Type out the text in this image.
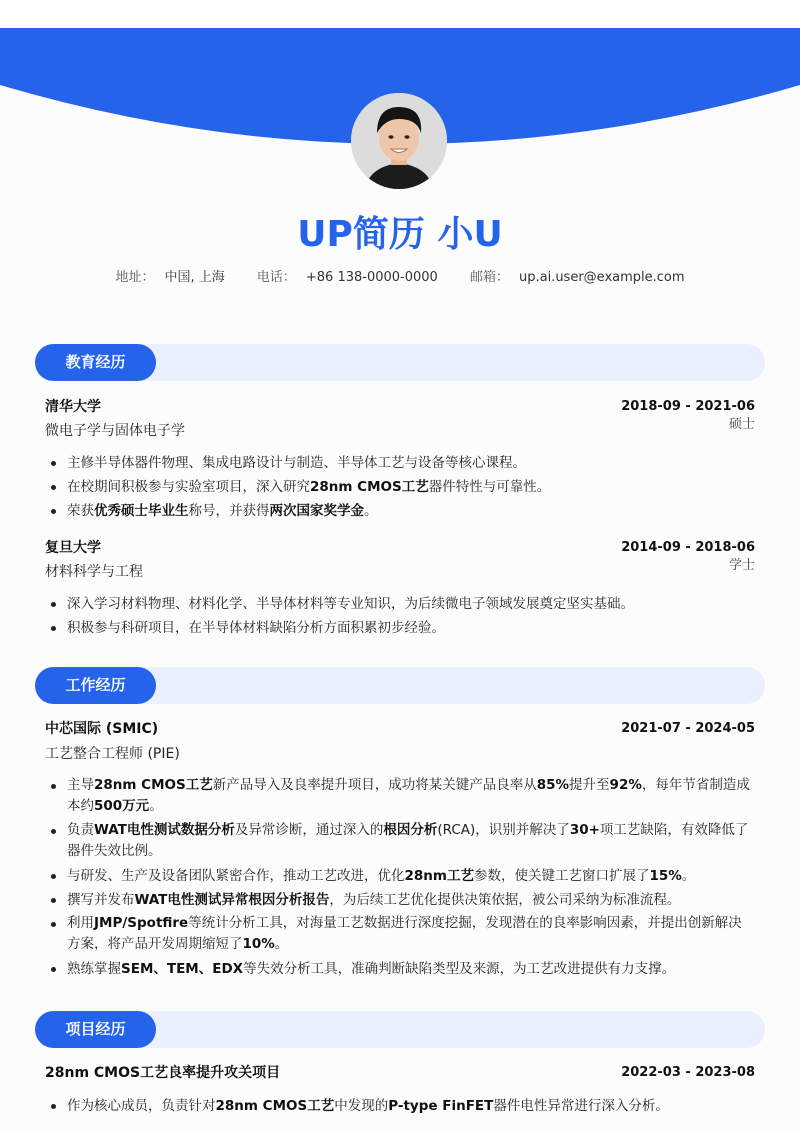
UP简历 小U
地址： 中国, 上海 电话： +86 138-0000-0000 邮箱： up.ai.user@example.com
教育经历
清华大学	2018-09 - 2021-06
微电子学与固体电子学	硕士
主修半导体器件物理、集成电路设计与制造、半导体工艺与设备等核心课程。
在校期间积极参与实验室项目，深入研究28nm CMOS工艺器件特性与可靠性。
荣获优秀硕士毕业生称号，并获得两次国家奖学金。
复旦大学	2014-09 - 2018-06
材料科学与工程	学士
深入学习材料物理、材料化学、半导体材料等专业知识，为后续微电子领域发展奠定坚实基础。
积极参与科研项目，在半导体材料缺陷分析方面积累初步经验。
工作经历
中芯国际 (SMIC)	2021-07 - 2024-05
工艺整合工程师 (PIE)
主导28nm CMOS工艺新产品导入及良率提升项目，成功将某关键产品良率从85%提升至92%，每年节省制造成本约500万元。
负责WAT电性测试数据分析及异常诊断，通过深入的根因分析(RCA)，识别并解决了30+项工艺缺陷，有效降低了器件失效比例。
与研发、生产及设备团队紧密合作，推动工艺改进，优化28nm工艺参数，使关键工艺窗口扩展了15%。
撰写并发布WAT电性测试异常根因分析报告，为后续工艺优化提供决策依据，被公司采纳为标准流程。
利用JMP/Spotfire等统计分析工具，对海量工艺数据进行深度挖掘，发现潜在的良率影响因素，并提出创新解决方案，将产品开发周期缩短了10%。
熟练掌握SEM、TEM、EDX等失效分析工具，准确判断缺陷类型及来源，为工艺改进提供有力支撑。
项目经历
28nm CMOS工艺良率提升攻关项目	2022-03 - 2023-08
作为核心成员，负责针对28nm CMOS工艺中发现的P-type FinFET器件电性异常进行深入分析。
